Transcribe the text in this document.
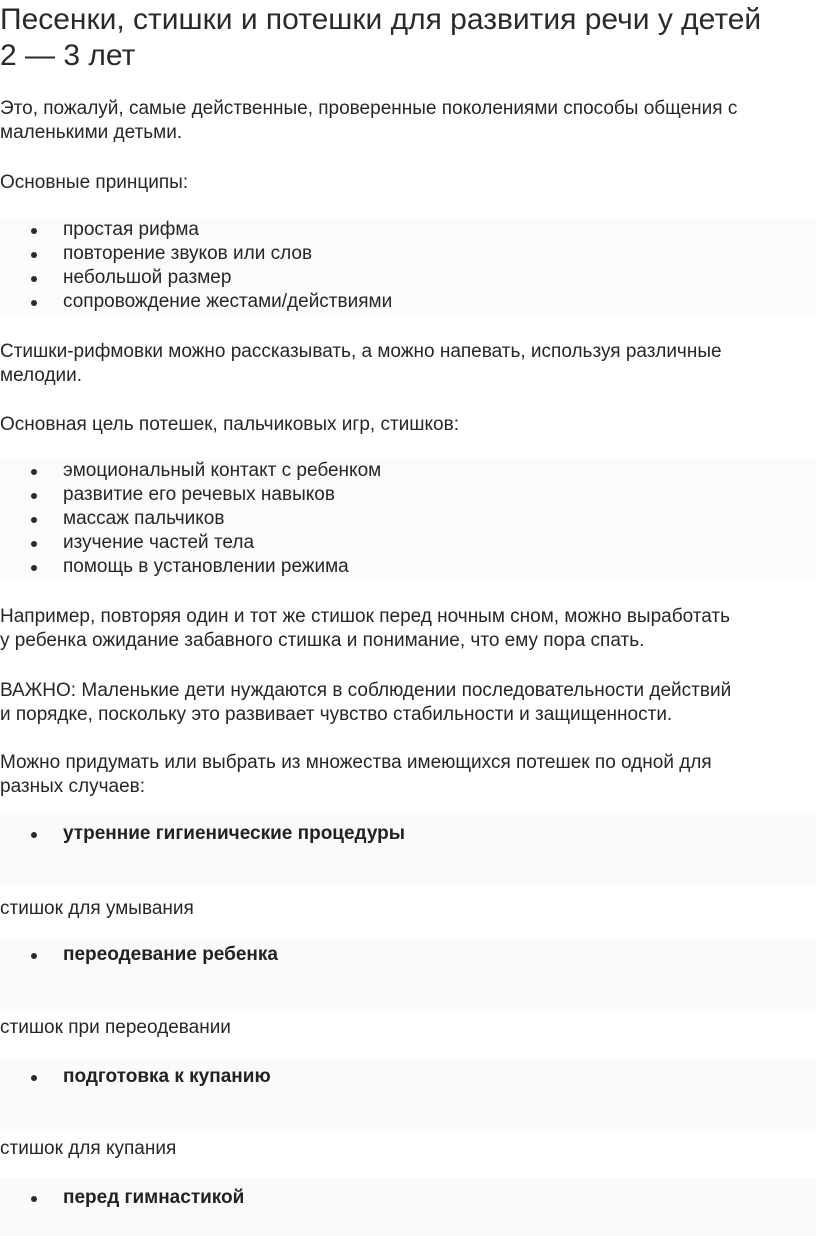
Песенки, стишки и потешки для развития речи у детей
2 — 3 лет

Это, пожалуй, самые действенные, проверенные поколениями способы общения с
маленькими детьми.

Основные принципы:

простая рифма
повторение звуков или слов
небольшой размер
сопровождение жестами/действиями

Стишки-рифмовки можно рассказывать, а можно напевать, используя различные
мелодии.

Основная цель потешек, пальчиковых игр, стишков:

эмоциональный контакт с ребенком
развитие его речевых навыков
массаж пальчиков
изучение частей тела
помощь в установлении режима

Например, повторяя один и тот же стишок перед ночным сном, можно выработать
у ребенка ожидание забавного стишка и понимание, что ему пора спать.

ВАЖНО: Маленькие дети нуждаются в соблюдении последовательности действий
и порядке, поскольку это развивает чувство стабильности и защищенности.

Можно придумать или выбрать из множества имеющихся потешек по одной для
разных случаев:

утренние гигиенические процедуры

стишок для умывания

переодевание ребенка

стишок при переодевании

подготовка к купанию

стишок для купания

перед гимнастикой
